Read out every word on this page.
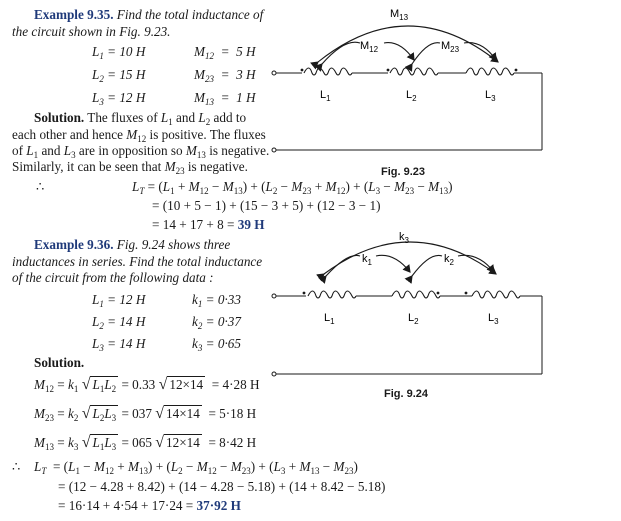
Example 9.35. Find the total inductance of
the circuit shown in Fig. 9.23.
$L_1 = 10$ H	$M_{12} = 5$ H
$L_2 = 15$ H	$M_{23} = 3$ H
$L_3 = 12$ H	$M_{13} = 1$ H
Solution. The fluxes of $L_1$ and $L_2$ add to
each other and hence $M_{12}$ is positive. The fluxes
of $L_1$ and $L_3$ are in opposition so $M_{13}$ is negative.
Similarly, it can be seen that $M_{23}$ is negative.
∴	$L_T = (L_1 + M_{12} - M_{13}) + (L_2 - M_{23} + M_{12}) + (L_3 - M_{23} - M_{13})$
= (10 + 5 − 1) + (15 − 3 + 5) + (12 − 3 − 1)
= 14 + 17 + 8 = 39 H
$M_{13}$
$M_{12}$	$M_{23}$
$L_1$	$L_2$	$L_3$
Fig. 9.23
Example 9.36. Fig. 9.24 shows three
inductances in series. Find the total inductance
of the circuit from the following data :
$L_1 = 12$ H	$k_1 = 0\cdot 33$
$L_2 = 14$ H	$k_2 = 0\cdot 37$
$L_3 = 14$ H	$k_3 = 0\cdot 65$
Solution.
$M_{12} = k_1$ √ $L_1L_2 = 0.33$ √ 12×14  = 4·28 H
$M_{23} = k_2$ √ $L_2L_3 = 037$ √ 14×14  = 5·18 H
$M_{13} = k_3$ √ $L_1L_3 = 065$ √ 12×14  = 8·42 H
∴ $L_T = (L_1 - M_{12} + M_{13}) + (L_2 - M_{12} - M_{23}) + (L_3 + M_{13} - M_{23})$
= (12 − 4.28 + 8.42) + (14 − 4.28 − 5.18) + (14 + 8.42 − 5.18)
= 16·14 + 4·54 + 17·24 = 37·92 H
$k_3$
$k_1$	$k_2$
$L_1$	$L_2$	$L_3$
Fig. 9.24
